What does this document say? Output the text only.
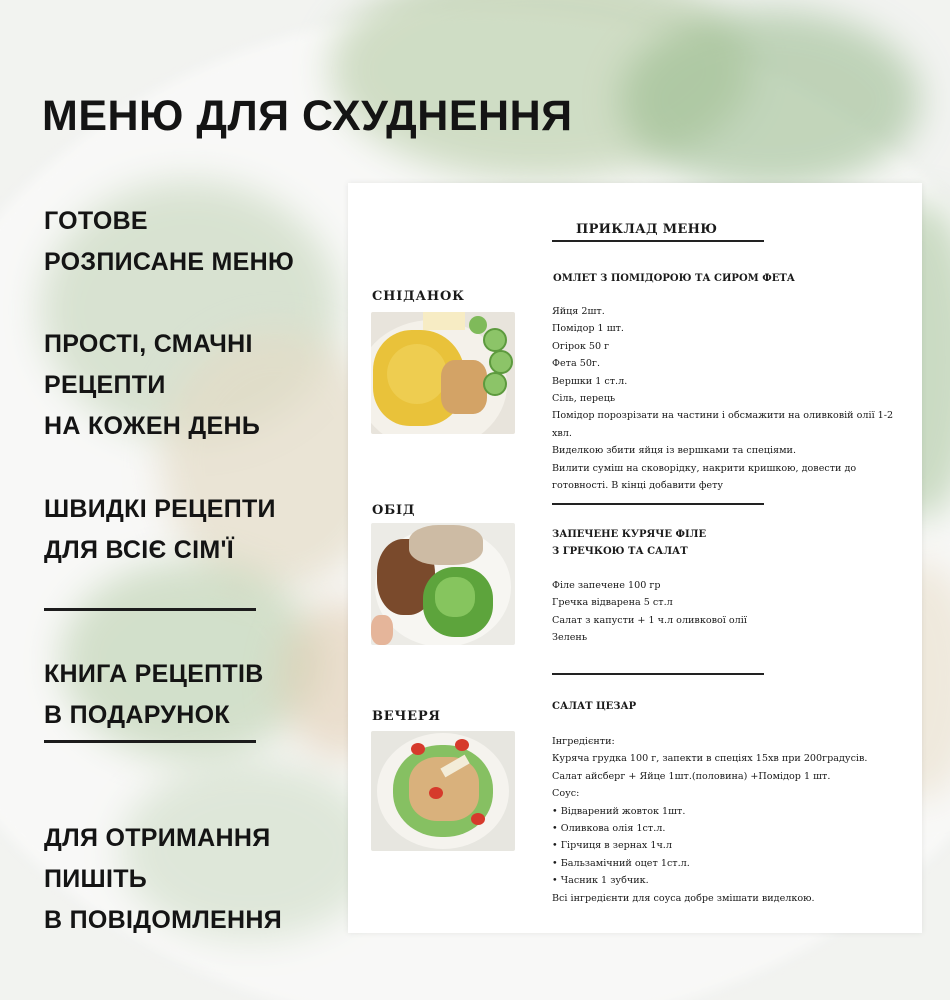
МЕНЮ ДЛЯ СХУДНЕННЯ
ГОТОВЕ
РОЗПИСАНЕ МЕНЮ
ПРОСТІ, СМАЧНІ
РЕЦЕПТИ
НА КОЖЕН ДЕНЬ
ШВИДКІ РЕЦЕПТИ
ДЛЯ ВСІЄ СІМ'Ї
КНИГА РЕЦЕПТІВ
В ПОДАРУНОК
ДЛЯ ОТРИМАННЯ
ПИШІТЬ
В ПОВІДОМЛЕННЯ
ПРИКЛАД МЕНЮ
СНІДАНОК
ОМЛЕТ З ПОМІДОРОЮ ТА СИРОМ ФЕТА
Яйця 2шт.
Помідор 1 шт.
Огірок 50 г
Фета 50г.
Вершки 1 ст.л.
Сіль, перець
Помідор порозрізати на частини і обсмажити на оливковій олії 1-2 хвл.
Виделкою збити яйця із вершками та спеціями.
Вилити суміш на сковорідку, накрити кришкою, довести до готовності. В кінці добавити фету
ОБІД
ЗАПЕЧЕНЕ КУРЯЧЕ ФІЛЕ
З ГРЕЧКОЮ ТА САЛАТ
Філе запечене 100 гр
Гречка відварена 5 ст.л
Салат з капусти + 1 ч.л оливкової олії
Зелень
ВЕЧЕРЯ
САЛАТ ЦЕЗАР
Інгредієнти:
Куряча грудка 100 г, запекти в спеціях 15хв при 200градусів.
Салат айсберг + Яйце 1шт.(половина) +Помідор 1 шт.
Соус:
• Відварений жовток 1шт.
• Оливкова олія 1ст.л.
• Гірчиця в зернах 1ч.л
• Бальзамічний оцет 1ст.л.
• Часник 1 зубчик.
Всі інгредієнти для соуса добре змішати виделкою.
